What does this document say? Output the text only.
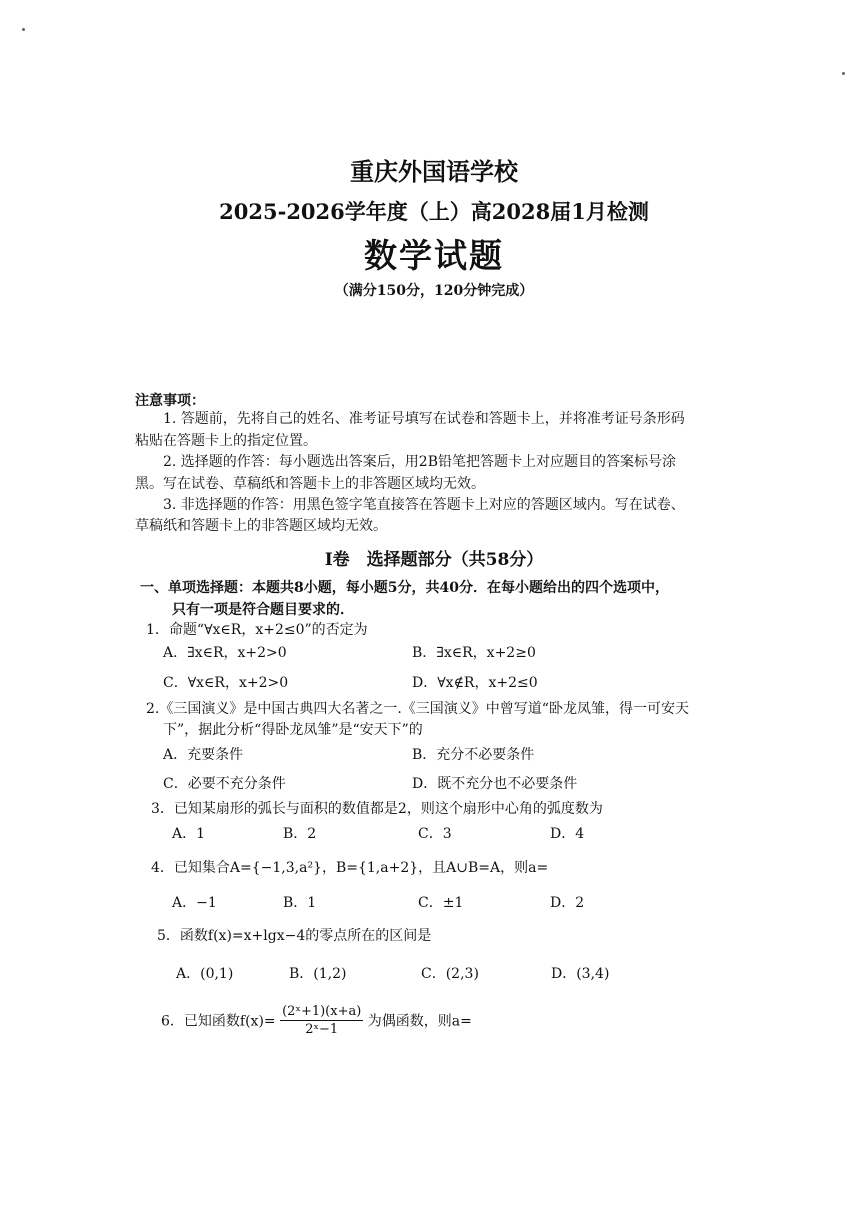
重庆外国语学校
2025-2026学年度（上）高2028届1月检测
数学试题
（满分150分，120分钟完成）
注意事项：
1. 答题前，先将自己的姓名、准考证号填写在试卷和答题卡上，并将准考证号条形码
粘贴在答题卡上的指定位置。
2. 选择题的作答：每小题选出答案后，用2B铅笔把答题卡上对应题目的答案标号涂
黑。写在试卷、草稿纸和答题卡上的非答题区域均无效。
3. 非选择题的作答：用黑色签字笔直接答在答题卡上对应的答题区域内。写在试卷、
草稿纸和答题卡上的非答题区域均无效。
Ⅰ卷　选择题部分（共58分）
一、单项选择题：本题共8小题，每小题5分，共40分．在每小题给出的四个选项中，
只有一项是符合题目要求的．
1．命题“∀x∈R，x+2≤0”的否定为
A．∃x∈R，x+2>0	B．∃x∈R，x+2≥0
C．∀x∈R，x+2>0	D．∀x∉R，x+2≤0
2.《三国演义》是中国古典四大名著之一.《三国演义》中曾写道“卧龙凤雏，得一可安天
下”，据此分析“得卧龙凤雏”是“安天下”的
A．充要条件	B．充分不必要条件
C．必要不充分条件	D．既不充分也不必要条件
3．已知某扇形的弧长与面积的数值都是2，则这个扇形中心角的弧度数为
A．1	B．2	C．3	D．4
4．已知集合A={−1,3,a²}，B={1,a+2}，且A∪B=A，则a=
A．−1	B．1	C．±1	D．2
5．函数f(x)=x+lgx−4的零点所在的区间是
A．(0,1)	B．(1,2)	C．(2,3)	D．(3,4)
6．已知函数$f(x)= \frac{\text{(2ˣ+1)(x+a)}}{\text{2ˣ−1}}$ 为偶函数，则a=
